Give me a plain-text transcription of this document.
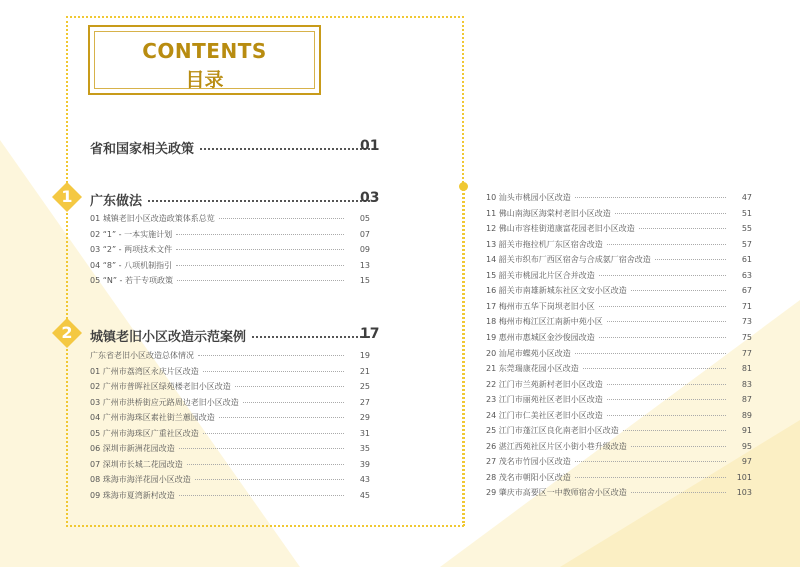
CONTENTS
目录
省和国家相关政策	01
1	广东做法	03
01 城镇老旧小区改造政策体系总览	05
02 “1” - 一本实施计划	07
03 “2” - 两项技术文件	09
04 “8” - 八项机制指引	13
05 “N” - 若干专项政策	15
2	城镇老旧小区改造示范案例	17
广东省老旧小区改造总体情况	19
01 广州市荔湾区永庆片区改造	21
02 广州市普晖社区绿苑楼老旧小区改造	25
03 广州市洪桥街应元路周边老旧小区改造	27
04 广州市海珠区素社街兰蕙园改造	29
05 广州市海珠区广重社区改造	31
06 深圳市新洲花园改造	35
07 深圳市长城二花园改造	39
08 珠海市海洋花园小区改造	43
09 珠海市夏湾新村改造	45
10 汕头市桃园小区改造	47
11 佛山南海区海棠村老旧小区改造	51
12 佛山市容桂街道康富花园老旧小区改造	55
13 韶关市拖拉机厂东区宿舍改造	57
14 韶关市织布厂西区宿舍与合成氨厂宿舍改造	61
15 韶关市桃园北片区合并改造	63
16 韶关市南雄新城东社区文安小区改造	67
17 梅州市五华下岗坝老旧小区	71
18 梅州市梅江区江南新中苑小区	73
19 惠州市惠城区金沙俊园改造	75
20 汕尾市蝶苑小区改造	77
21 东莞瑞康花园小区改造	81
22 江门市兰苑新村老旧小区改造	83
23 江门市丽苑社区老旧小区改造	87
24 江门市仁美社区老旧小区改造	89
25 江门市蓬江区良化南老旧小区改造	91
26 湛江西苑社区片区小街小巷升级改造	95
27 茂名市竹园小区改造	97
28 茂名市朝阳小区改造	101
29 肇庆市高要区一中教师宿舍小区改造	103
